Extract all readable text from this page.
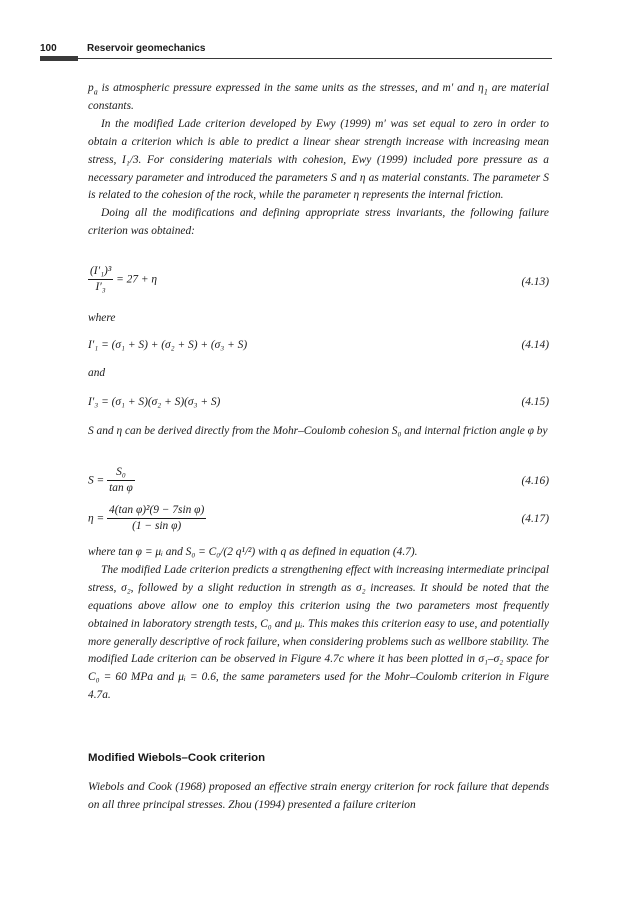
100	Reservoir geomechanics

$p_a$ is atmospheric pressure expressed in the same units as the stresses, and m′ and $\eta_1$ are material constants.

In the modified Lade criterion developed by Ewy (1999) m′ was set equal to zero in order to obtain a criterion which is able to predict a linear shear strength increase with increasing mean stress, I₁/3. For considering materials with cohesion, Ewy (1999) included pore pressure as a necessary parameter and introduced the parameters S and η as material constants. The parameter S is related to the cohesion of the rock, while the parameter η represents the internal friction.

Doing all the modifications and defining appropriate stress invariants, the following failure criterion was obtained:

$\frac{\text{(I′₁)³}}{\text{I′₃}} = 27 + \eta$	(4.13)
where
I′₁ = (σ₁ + S) + (σ₂ + S) + (σ₃ + S)	(4.14)
and
I′₃ = (σ₁ + S)(σ₂ + S)(σ₃ + S)	(4.15)

S and η can be derived directly from the Mohr–Coulomb cohesion S₀ and internal friction angle φ by

$S = \frac{\text{S₀}}{\text{tan φ}}$	(4.16)
$\eta = \frac{\text{4(tan φ)²(9 − 7sin φ)}}{\text{(1 − sin φ)}}$	(4.17)

where tan φ = μᵢ and S₀ = C₀/(2 q¹/²) with q as defined in equation (4.7).

The modified Lade criterion predicts a strengthening effect with increasing intermediate principal stress, σ₂, followed by a slight reduction in strength as σ₂ increases. It should be noted that the equations above allow one to employ this criterion using the two parameters most frequently obtained in laboratory strength tests, C₀ and μᵢ. This makes this criterion easy to use, and potentially more generally descriptive of rock failure, when considering problems such as wellbore stability. The modified Lade criterion can be observed in Figure 4.7c where it has been plotted in σ₁–σ₂ space for C₀ = 60 MPa and μᵢ = 0.6, the same parameters used for the Mohr–Coulomb criterion in Figure 4.7a.

Modified Wiebols–Cook criterion

Wiebols and Cook (1968) proposed an effective strain energy criterion for rock failure that depends on all three principal stresses. Zhou (1994) presented a failure criterion
